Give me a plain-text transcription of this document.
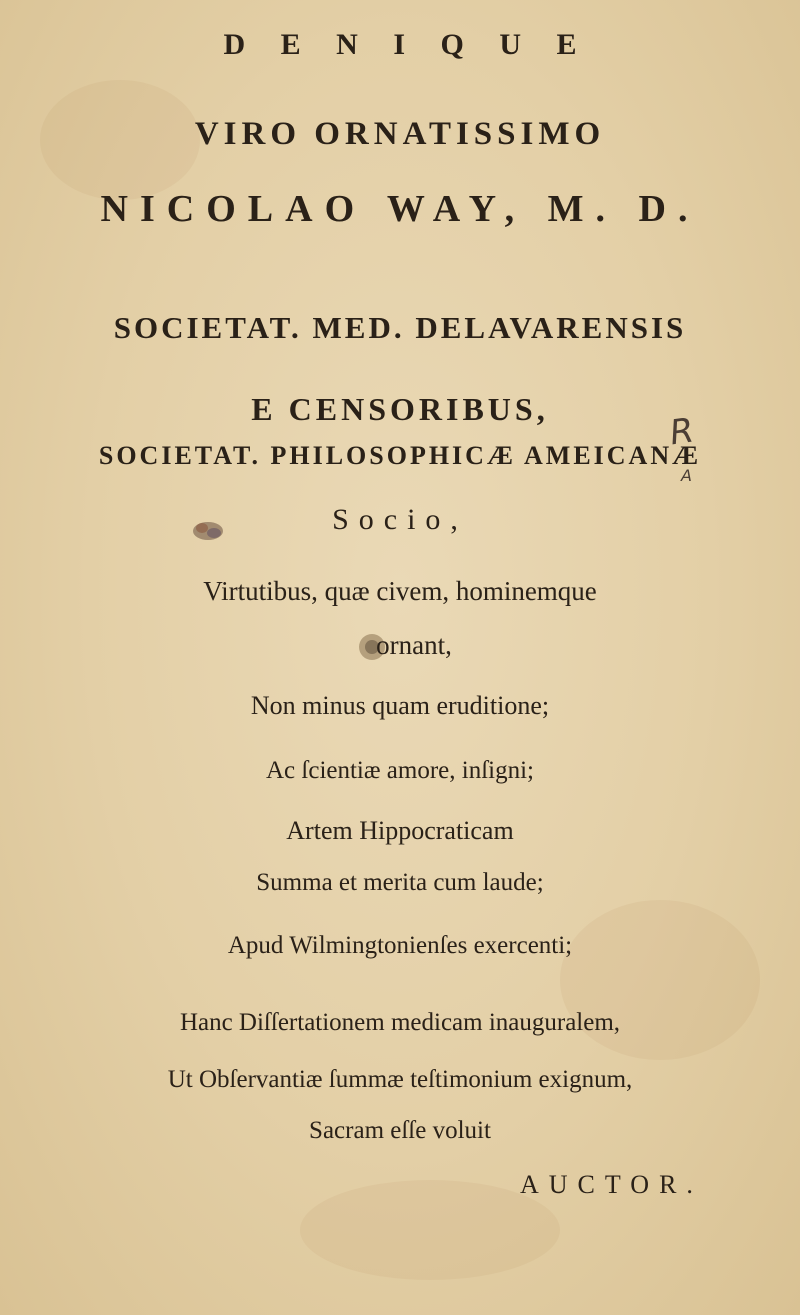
D E N I Q U E
VIRO ORNATISSIMO
NICOLAO WAY, M. D.
SOCIETAT. MED. DELAVARENSIS
E CENSORIBUS,
SOCIETAT. PHILOSOPHICÆ AMEICANÆ
R
A
Socio,
Virtutibus, quæ civem, hominemque
ornant,
Non minus quam eruditione;
Ac ſcientiæ amore, inſigni;
Artem Hippocraticam
Summa et merita cum laude;
Apud Wilmingtonienſes exercenti;
Hanc Diſſertationem medicam inauguralem,
Ut Obſervantiæ ſummæ teſtimonium exignum,
Sacram eſſe voluit
AUCTOR.
